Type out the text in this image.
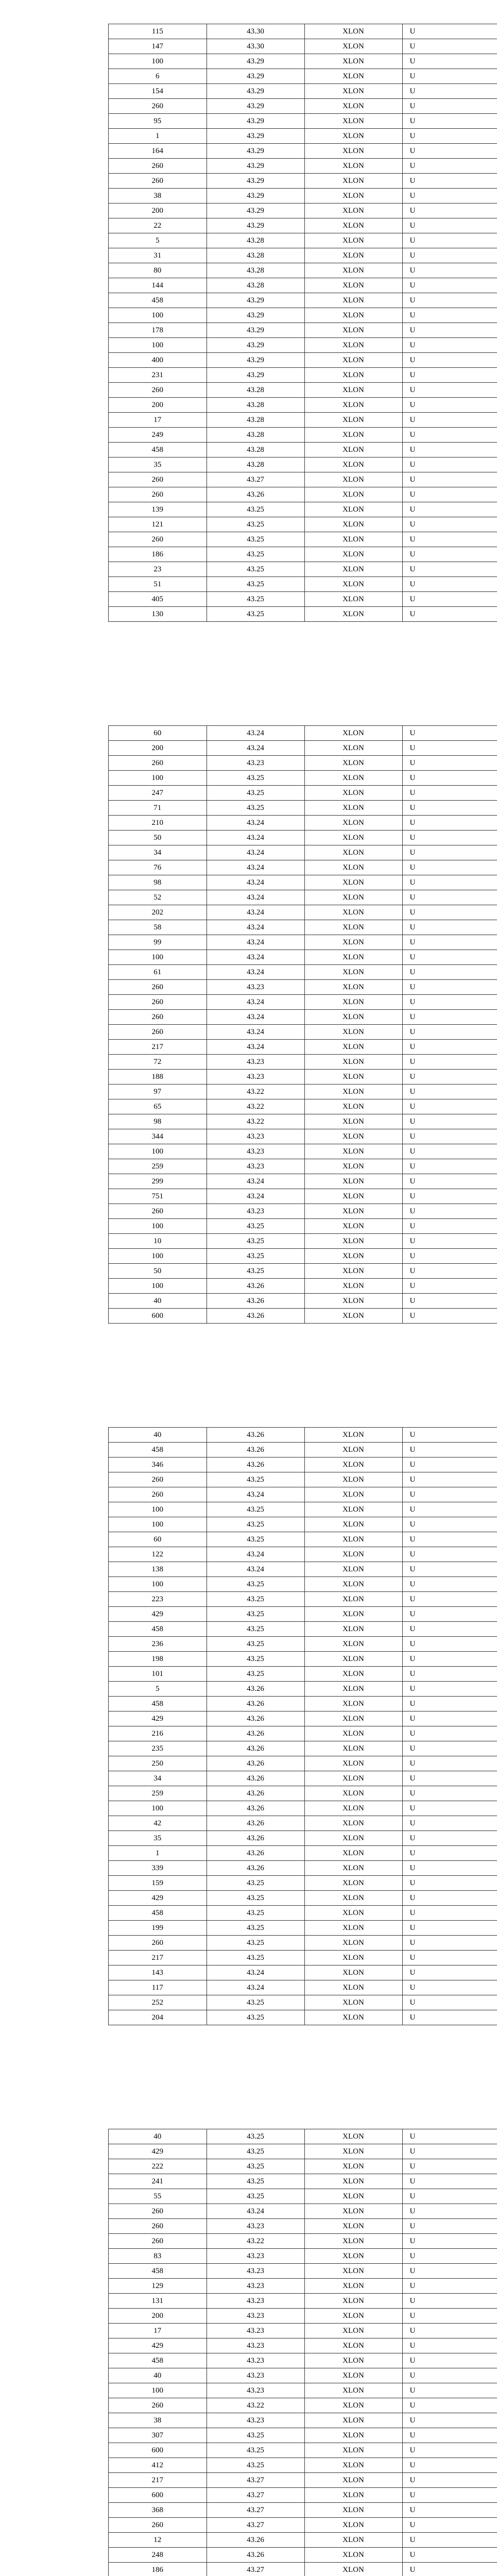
115	43.30	XLON	U
147	43.30	XLON	U
100	43.29	XLON	U
6	43.29	XLON	U
154	43.29	XLON	U
260	43.29	XLON	U
95	43.29	XLON	U
1	43.29	XLON	U
164	43.29	XLON	U
260	43.29	XLON	U
260	43.29	XLON	U
38	43.29	XLON	U
200	43.29	XLON	U
22	43.29	XLON	U
5	43.28	XLON	U
31	43.28	XLON	U
80	43.28	XLON	U
144	43.28	XLON	U
458	43.29	XLON	U
100	43.29	XLON	U
178	43.29	XLON	U
100	43.29	XLON	U
400	43.29	XLON	U
231	43.29	XLON	U
260	43.28	XLON	U
200	43.28	XLON	U
17	43.28	XLON	U
249	43.28	XLON	U
458	43.28	XLON	U
35	43.28	XLON	U
260	43.27	XLON	U
260	43.26	XLON	U
139	43.25	XLON	U
121	43.25	XLON	U
260	43.25	XLON	U
186	43.25	XLON	U
23	43.25	XLON	U
51	43.25	XLON	U
405	43.25	XLON	U
130	43.25	XLON	U
60	43.24	XLON	U
200	43.24	XLON	U
260	43.23	XLON	U
100	43.25	XLON	U
247	43.25	XLON	U
71	43.25	XLON	U
210	43.24	XLON	U
50	43.24	XLON	U
34	43.24	XLON	U
76	43.24	XLON	U
98	43.24	XLON	U
52	43.24	XLON	U
202	43.24	XLON	U
58	43.24	XLON	U
99	43.24	XLON	U
100	43.24	XLON	U
61	43.24	XLON	U
260	43.23	XLON	U
260	43.24	XLON	U
260	43.24	XLON	U
260	43.24	XLON	U
217	43.24	XLON	U
72	43.23	XLON	U
188	43.23	XLON	U
97	43.22	XLON	U
65	43.22	XLON	U
98	43.22	XLON	U
344	43.23	XLON	U
100	43.23	XLON	U
259	43.23	XLON	U
299	43.24	XLON	U
751	43.24	XLON	U
260	43.23	XLON	U
100	43.25	XLON	U
10	43.25	XLON	U
100	43.25	XLON	U
50	43.25	XLON	U
100	43.26	XLON	U
40	43.26	XLON	U
600	43.26	XLON	U
40	43.26	XLON	U
458	43.26	XLON	U
346	43.26	XLON	U
260	43.25	XLON	U
260	43.24	XLON	U
100	43.25	XLON	U
100	43.25	XLON	U
60	43.25	XLON	U
122	43.24	XLON	U
138	43.24	XLON	U
100	43.25	XLON	U
223	43.25	XLON	U
429	43.25	XLON	U
458	43.25	XLON	U
236	43.25	XLON	U
198	43.25	XLON	U
101	43.25	XLON	U
5	43.26	XLON	U
458	43.26	XLON	U
429	43.26	XLON	U
216	43.26	XLON	U
235	43.26	XLON	U
250	43.26	XLON	U
34	43.26	XLON	U
259	43.26	XLON	U
100	43.26	XLON	U
42	43.26	XLON	U
35	43.26	XLON	U
1	43.26	XLON	U
339	43.26	XLON	U
159	43.25	XLON	U
429	43.25	XLON	U
458	43.25	XLON	U
199	43.25	XLON	U
260	43.25	XLON	U
217	43.25	XLON	U
143	43.24	XLON	U
117	43.24	XLON	U
252	43.25	XLON	U
204	43.25	XLON	U
40	43.25	XLON	U
429	43.25	XLON	U
222	43.25	XLON	U
241	43.25	XLON	U
55	43.25	XLON	U
260	43.24	XLON	U
260	43.23	XLON	U
260	43.22	XLON	U
83	43.23	XLON	U
458	43.23	XLON	U
129	43.23	XLON	U
131	43.23	XLON	U
200	43.23	XLON	U
17	43.23	XLON	U
429	43.23	XLON	U
458	43.23	XLON	U
40	43.23	XLON	U
100	43.23	XLON	U
260	43.22	XLON	U
38	43.23	XLON	U
307	43.25	XLON	U
600	43.25	XLON	U
412	43.25	XLON	U
217	43.27	XLON	U
600	43.27	XLON	U
368	43.27	XLON	U
260	43.27	XLON	U
12	43.26	XLON	U
248	43.26	XLON	U
186	43.27	XLON	U
